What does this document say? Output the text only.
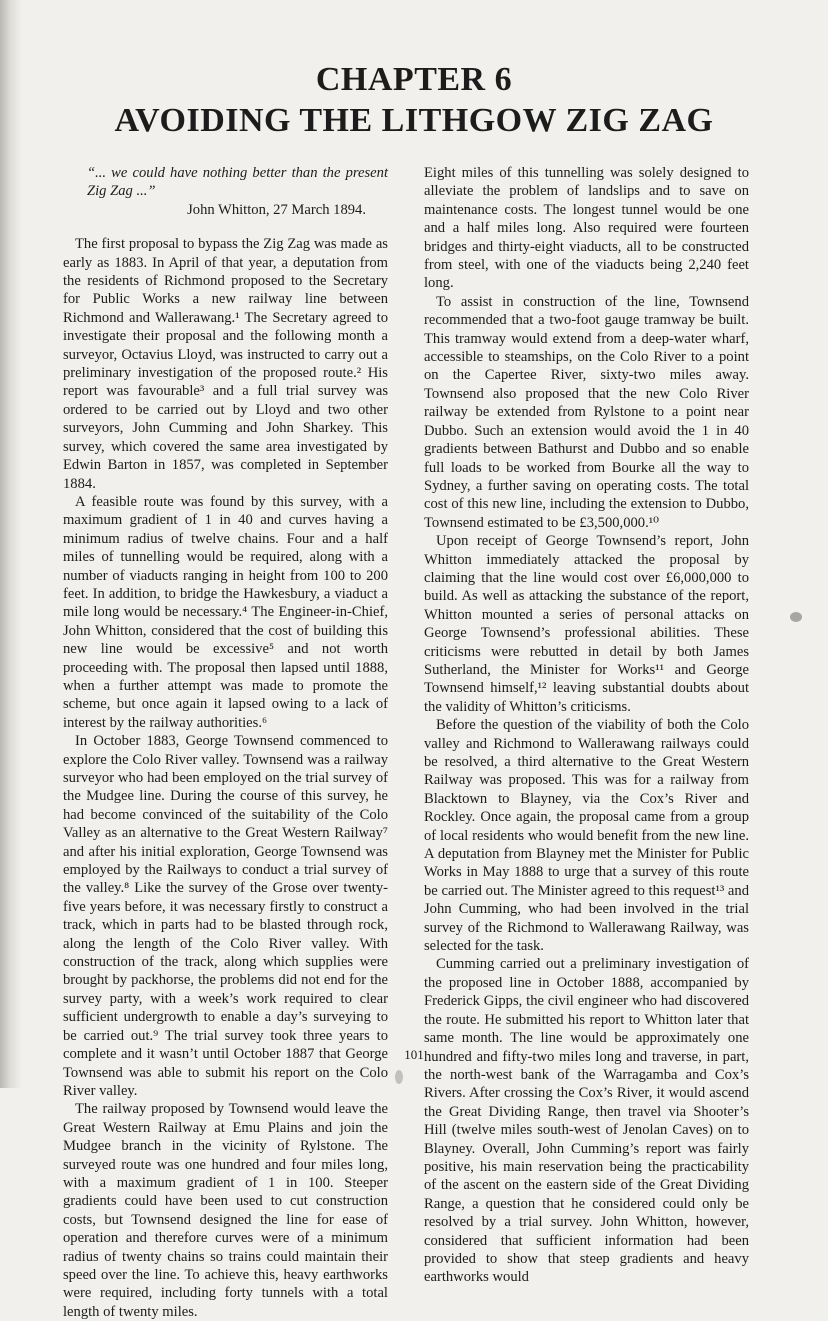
CHAPTER 6
AVOIDING THE LITHGOW ZIG ZAG

“... we could have nothing better than the present Zig Zag ...”

John Whitton, 27 March 1894.

The first proposal to bypass the Zig Zag was made as early as 1883. In April of that year, a deputation from the residents of Richmond proposed to the Secretary for Public Works a new railway line between Richmond and Wallerawang.¹ The Secretary agreed to investigate their proposal and the following month a surveyor, Octavius Lloyd, was instructed to carry out a preliminary investigation of the proposed route.² His report was favourable³ and a full trial survey was ordered to be carried out by Lloyd and two other surveyors, John Cumming and John Sharkey. This survey, which covered the same area investigated by Edwin Barton in 1857, was completed in September 1884.

A feasible route was found by this survey, with a maximum gradient of 1 in 40 and curves having a minimum radius of twelve chains. Four and a half miles of tunnelling would be required, along with a number of viaducts ranging in height from 100 to 200 feet. In addition, to bridge the Hawkesbury, a viaduct a mile long would be necessary.⁴ The Engineer-in-Chief, John Whitton, considered that the cost of building this new line would be excessive⁵ and not worth proceeding with. The proposal then lapsed until 1888, when a further attempt was made to promote the scheme, but once again it lapsed owing to a lack of interest by the railway authorities.⁶

In October 1883, George Townsend commenced to explore the Colo River valley. Townsend was a railway surveyor who had been employed on the trial survey of the Mudgee line. During the course of this survey, he had become convinced of the suitability of the Colo Valley as an alternative to the Great Western Railway⁷ and after his initial exploration, George Townsend was employed by the Railways to conduct a trial survey of the valley.⁸ Like the survey of the Grose over twenty-five years before, it was necessary firstly to construct a track, which in parts had to be blasted through rock, along the length of the Colo River valley. With construction of the track, along which supplies were brought by packhorse, the problems did not end for the survey party, with a week’s work required to clear sufficient undergrowth to enable a day’s surveying to be carried out.⁹ The trial survey took three years to complete and it wasn’t until October 1887 that George Townsend was able to submit his report on the Colo River valley.

The railway proposed by Townsend would leave the Great Western Railway at Emu Plains and join the Mudgee branch in the vicinity of Rylstone. The surveyed route was one hundred and four miles long, with a maximum gradient of 1 in 100. Steeper gradients could have been used to cut construction costs, but Townsend designed the line for ease of operation and therefore curves were of a minimum radius of twenty chains so trains could maintain their speed over the line. To achieve this, heavy earthworks were required, including forty tunnels with a total length of twenty miles.

Eight miles of this tunnelling was solely designed to alleviate the problem of landslips and to save on maintenance costs. The longest tunnel would be one and a half miles long. Also required were fourteen bridges and thirty-eight viaducts, all to be constructed from steel, with one of the viaducts being 2,240 feet long.

To assist in construction of the line, Townsend recommended that a two-foot gauge tramway be built. This tramway would extend from a deep-water wharf, accessible to steamships, on the Colo River to a point on the Capertee River, sixty-two miles away. Townsend also proposed that the new Colo River railway be extended from Rylstone to a point near Dubbo. Such an extension would avoid the 1 in 40 gradients between Bathurst and Dubbo and so enable full loads to be worked from Bourke all the way to Sydney, a further saving on operating costs. The total cost of this new line, including the extension to Dubbo, Townsend estimated to be £3,500,000.¹⁰

Upon receipt of George Townsend’s report, John Whitton immediately attacked the proposal by claiming that the line would cost over £6,000,000 to build. As well as attacking the substance of the report, Whitton mounted a series of personal attacks on George Townsend’s professional abilities. These criticisms were rebutted in detail by both James Sutherland, the Minister for Works¹¹ and George Townsend himself,¹² leaving substantial doubts about the validity of Whitton’s criticisms.

Before the question of the viability of both the Colo valley and Richmond to Wallerawang railways could be resolved, a third alternative to the Great Western Railway was proposed. This was for a railway from Blacktown to Blayney, via the Cox’s River and Rockley. Once again, the proposal came from a group of local residents who would benefit from the new line. A deputation from Blayney met the Minister for Public Works in May 1888 to urge that a survey of this route be carried out. The Minister agreed to this request¹³ and John Cumming, who had been involved in the trial survey of the Richmond to Wallerawang Railway, was selected for the task.

Cumming carried out a preliminary investigation of the proposed line in October 1888, accompanied by Frederick Gipps, the civil engineer who had discovered the route. He submitted his report to Whitton later that same month. The line would be approximately one hundred and fifty-two miles long and traverse, in part, the north-west bank of the Warragamba and Cox’s Rivers. After crossing the Cox’s River, it would ascend the Great Dividing Range, then travel via Shooter’s Hill (twelve miles south-west of Jenolan Caves) on to Blayney. Overall, John Cumming’s report was fairly positive, his main reservation being the practicability of the ascent on the eastern side of the Great Dividing Range, a question that he considered could only be resolved by a trial survey. John Whitton, however, considered that sufficient information had been provided to show that steep gradients and heavy earthworks would

101
